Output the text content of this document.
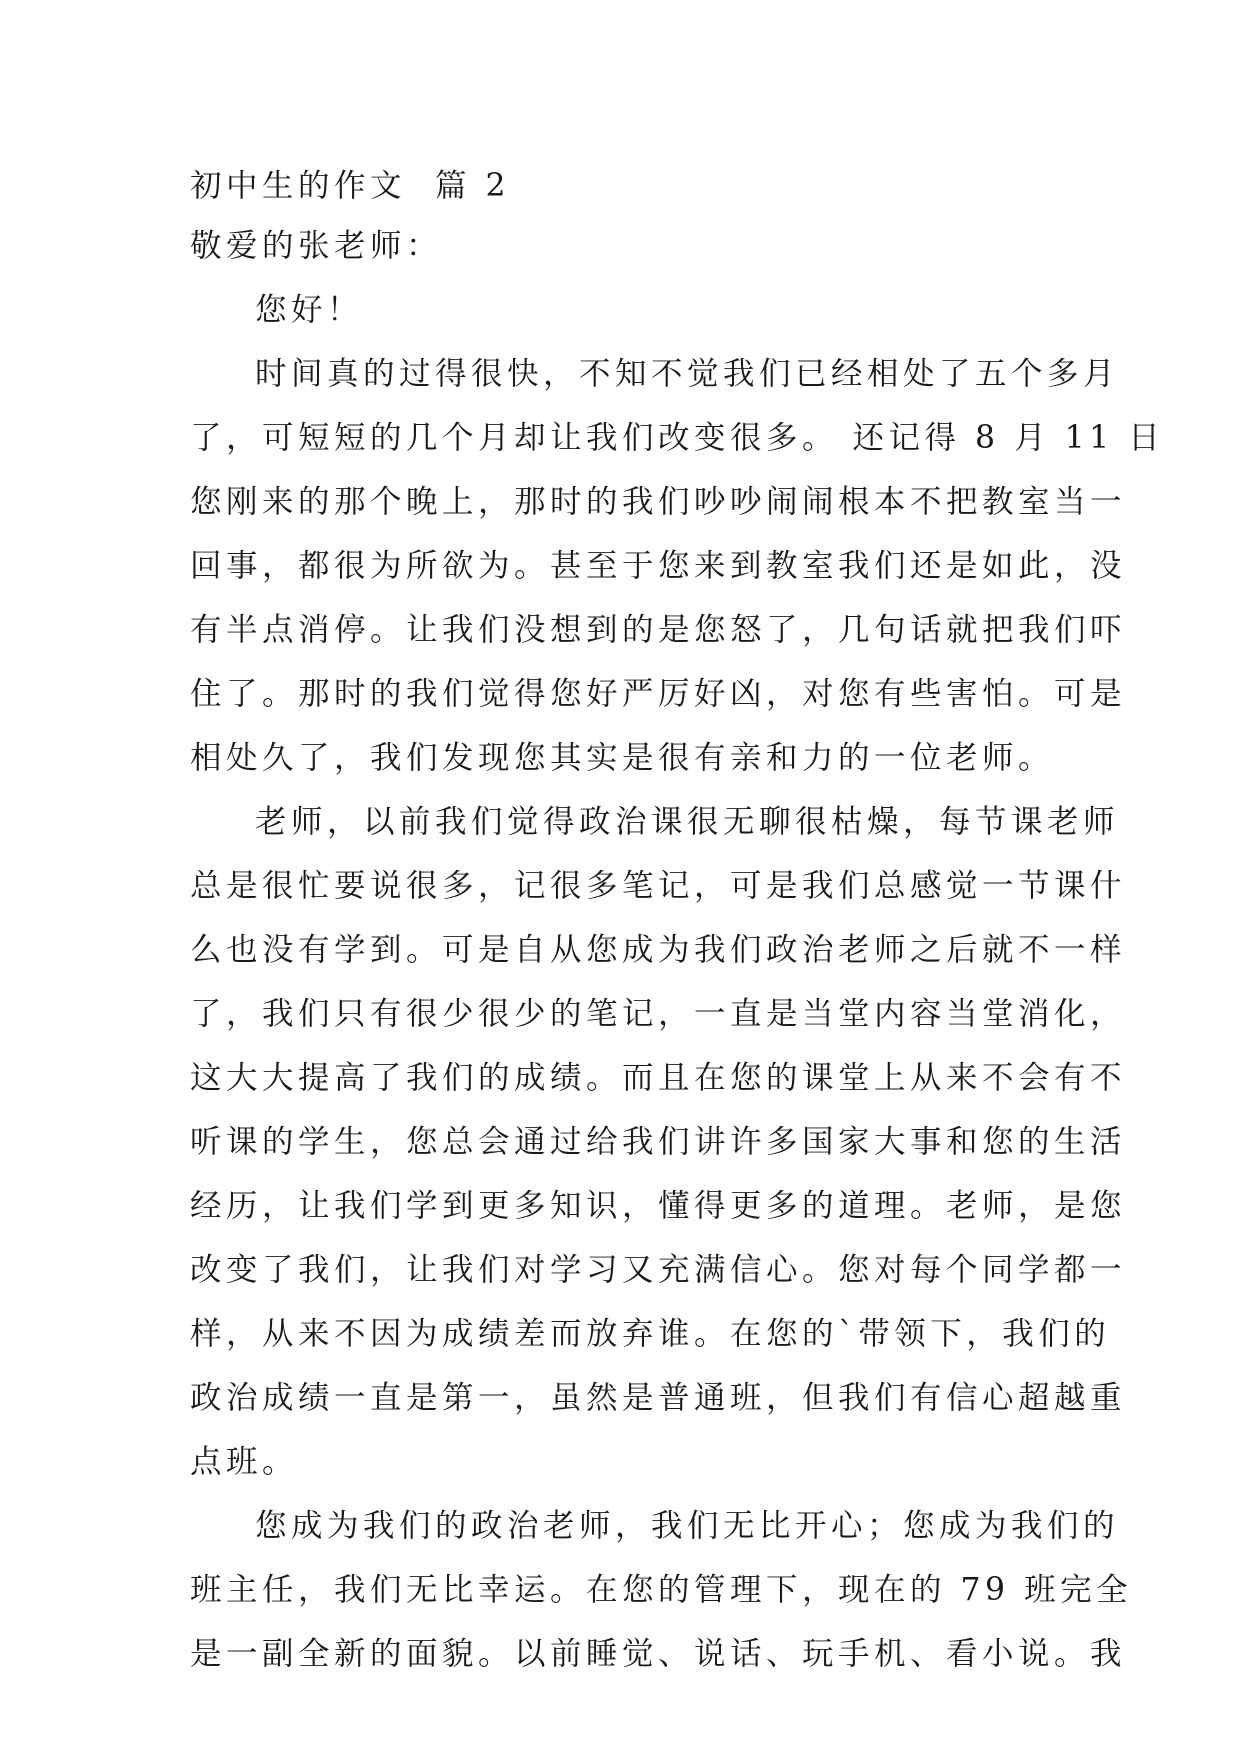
初中生的作文  篇 2
敬爱的张老师：
您好！
时间真的过得很快，不知不觉我们已经相处了五个多月
了，可短短的几个月却让我们改变很多。 还记得 8 月 11 日
您刚来的那个晚上，那时的我们吵吵闹闹根本不把教室当一
回事，都很为所欲为。甚至于您来到教室我们还是如此，没
有半点消停。让我们没想到的是您怒了，几句话就把我们吓
住了。那时的我们觉得您好严厉好凶，对您有些害怕。可是
相处久了，我们发现您其实是很有亲和力的一位老师。
老师，以前我们觉得政治课很无聊很枯燥，每节课老师
总是很忙要说很多，记很多笔记，可是我们总感觉一节课什
么也没有学到。可是自从您成为我们政治老师之后就不一样
了，我们只有很少很少的笔记，一直是当堂内容当堂消化，
这大大提高了我们的成绩。而且在您的课堂上从来不会有不
听课的学生，您总会通过给我们讲许多国家大事和您的生活
经历，让我们学到更多知识，懂得更多的道理。老师，是您
改变了我们，让我们对学习又充满信心。您对每个同学都一
样，从来不因为成绩差而放弃谁。在您的`带领下，我们的
政治成绩一直是第一，虽然是普通班，但我们有信心超越重
点班。
您成为我们的政治老师，我们无比开心；您成为我们的
班主任，我们无比幸运。在您的管理下，现在的 79 班完全
是一副全新的面貌。以前睡觉、说话、玩手机、看小说。我
